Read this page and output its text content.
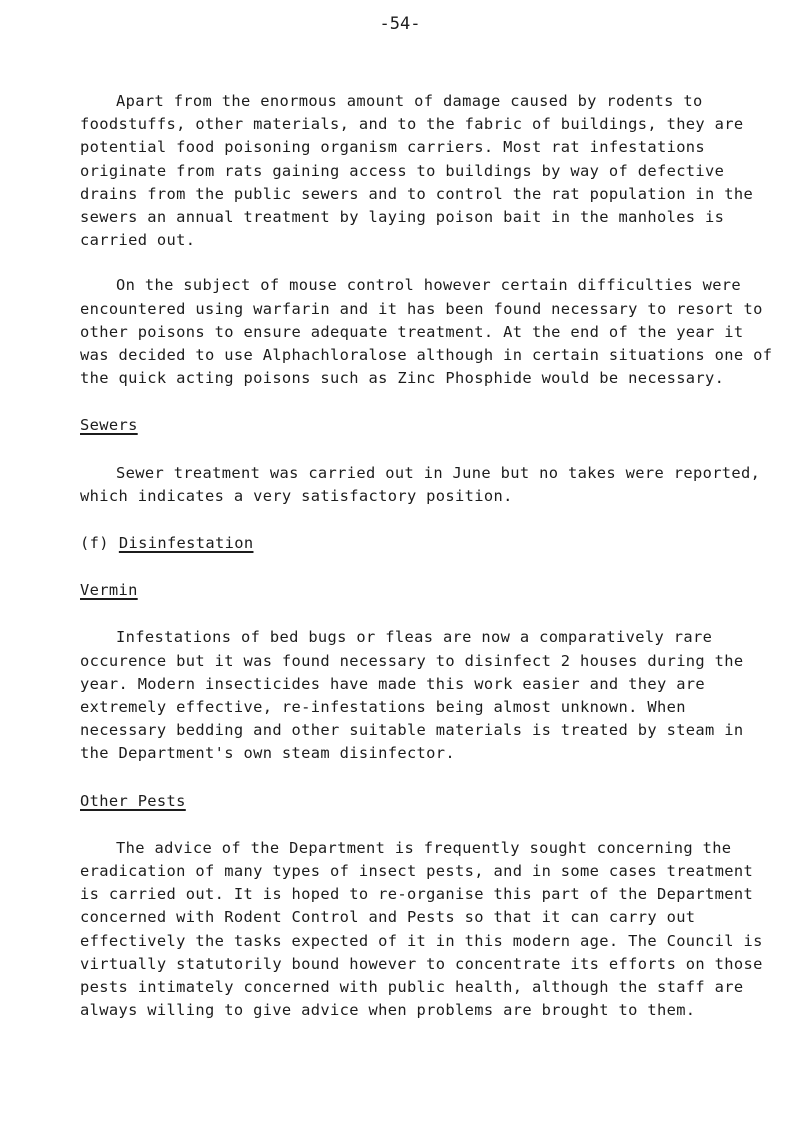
-54-

Apart from the enormous amount of damage caused by rodents to foodstuffs, other materials, and to the fabric of buildings, they are potential food poisoning organism carriers. Most rat infestations originate from rats gaining access to buildings by way of defective drains from the public sewers and to control the rat population in the sewers an annual treatment by laying poison bait in the manholes is carried out.

On the subject of mouse control however certain difficulties were encountered using warfarin and it has been found necessary to resort to other poisons to ensure adequate treatment. At the end of the year it was decided to use Alphachloralose although in certain situations one of the quick acting poisons such as Zinc Phosphide would be necessary.

Sewers

Sewer treatment was carried out in June but no takes were reported, which indicates a very satisfactory position.

(f) Disinfestation

Vermin

Infestations of bed bugs or fleas are now a comparatively rare occurence but it was found necessary to disinfect 2 houses during the year. Modern insecticides have made this work easier and they are extremely effective, re-infestations being almost unknown. When necessary bedding and other suitable materials is treated by steam in the Department's own steam disinfector.

Other Pests

The advice of the Department is frequently sought concerning the eradication of many types of insect pests, and in some cases treatment is carried out. It is hoped to re-organise this part of the Department concerned with Rodent Control and Pests so that it can carry out effectively the tasks expected of it in this modern age. The Council is virtually statutorily bound however to concentrate its efforts on those pests intimately concerned with public health, although the staff are always willing to give advice when problems are brought to them.
